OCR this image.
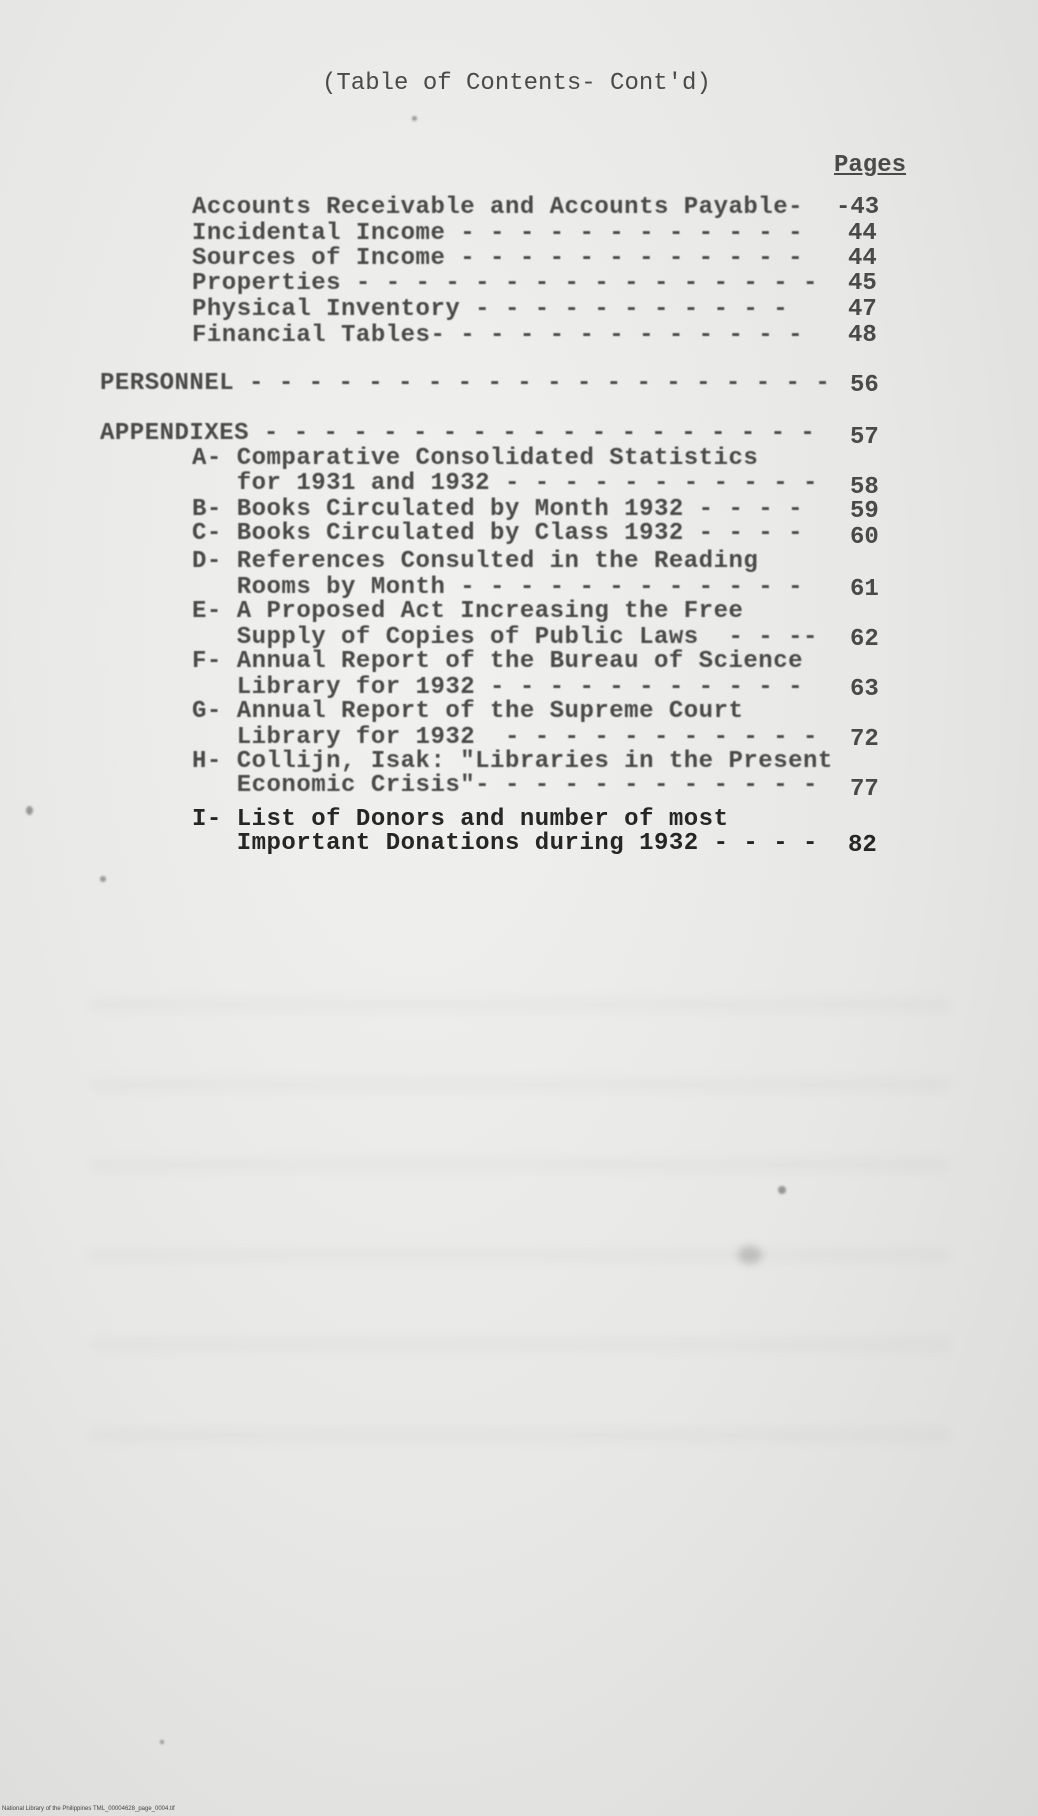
(Table of Contents- Cont'd)
Pages
Accounts Receivable and Accounts Payable- -43
Incidental Income - - - - - - - - - - - - 44
Sources of Income - - - - - - - - - - - - 44
Properties - - - - - - - - - - - - - - - - 45
Physical Inventory - - - - - - - - - - - 47
Financial Tables- - - - - - - - - - - - - 48
PERSONNEL - - - - - - - - - - - - - - - - - - - - 56
APPENDIXES - - - - - - - - - - - - - - - - - - - 57
A- Comparative Consolidated Statistics
for 1931 and 1932 - - - - - - - - - - - 58
B- Books Circulated by Month 1932 - - - - 59
C- Books Circulated by Class 1932 - - - - 60
D- References Consulted in the Reading
Rooms by Month - - - - - - - - - - - - 61
E- A Proposed Act Increasing the Free
Supply of Copies of Public Laws  - - -- 62
F- Annual Report of the Bureau of Science
Library for 1932 - - - - - - - - - - - 63
G- Annual Report of the Supreme Court
Library for 1932  - - - - - - - - - - - 72
H- Collijn, Isak: "Libraries in the Present
Economic Crisis"- - - - - - - - - - - - 77
I- List of Donors and number of most
Important Donations during 1932 - - - - 82
National Library of the Philippines TML_00004628_page_0004.tif
